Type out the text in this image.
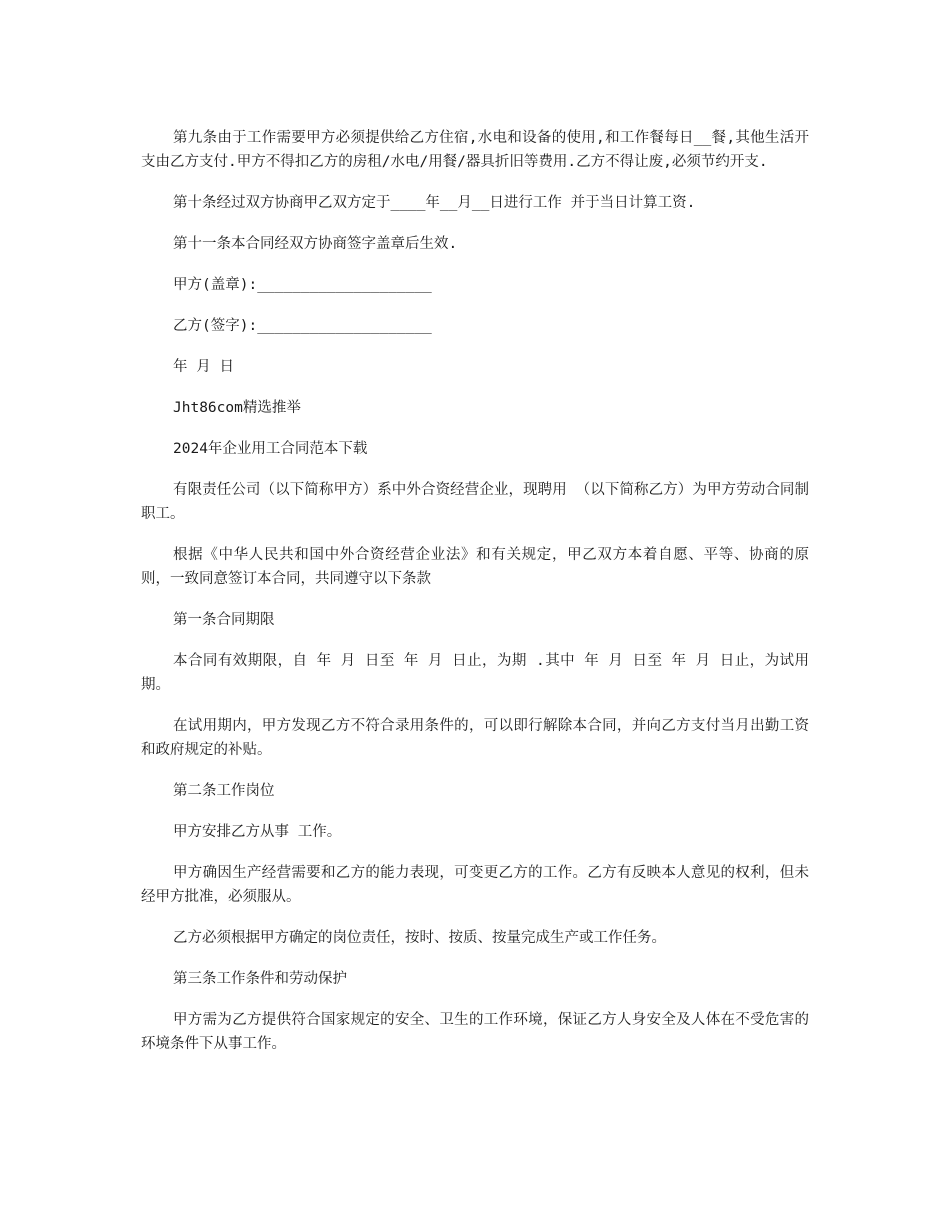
第九条由于工作需要甲方必须提供给乙方住宿,水电和设备的使用,和工作餐每日__餐,其他生活开支由乙方支付.甲方不得扣乙方的房租/水电/用餐/器具折旧等费用.乙方不得让废,必须节约开支.

第十条经过双方协商甲乙双方定于____年__月__日进行工作 并于当日计算工资.

第十一条本合同经双方协商签字盖章后生效.

甲方(盖章):____________________

乙方(签字):____________________

年 月 日

Jht86com精选推举

2024年企业用工合同范本下载

有限责任公司（以下简称甲方）系中外合资经营企业，现聘用 （以下简称乙方）为甲方劳动合同制职工。

根据《中华人民共和国中外合资经营企业法》和有关规定，甲乙双方本着自愿、平等、协商的原则，一致同意签订本合同，共同遵守以下条款

第一条合同期限

本合同有效期限，自 年 月 日至 年 月 日止，为期 .其中 年 月 日至 年 月 日止，为试用期。

在试用期内，甲方发现乙方不符合录用条件的，可以即行解除本合同，并向乙方支付当月出勤工资和政府规定的补贴。

第二条工作岗位

甲方安排乙方从事 工作。

甲方确因生产经营需要和乙方的能力表现，可变更乙方的工作。乙方有反映本人意见的权利，但未经甲方批准，必须服从。

乙方必须根据甲方确定的岗位责任，按时、按质、按量完成生产或工作任务。

第三条工作条件和劳动保护

甲方需为乙方提供符合国家规定的安全、卫生的工作环境，保证乙方人身安全及人体在不受危害的环境条件下从事工作。
